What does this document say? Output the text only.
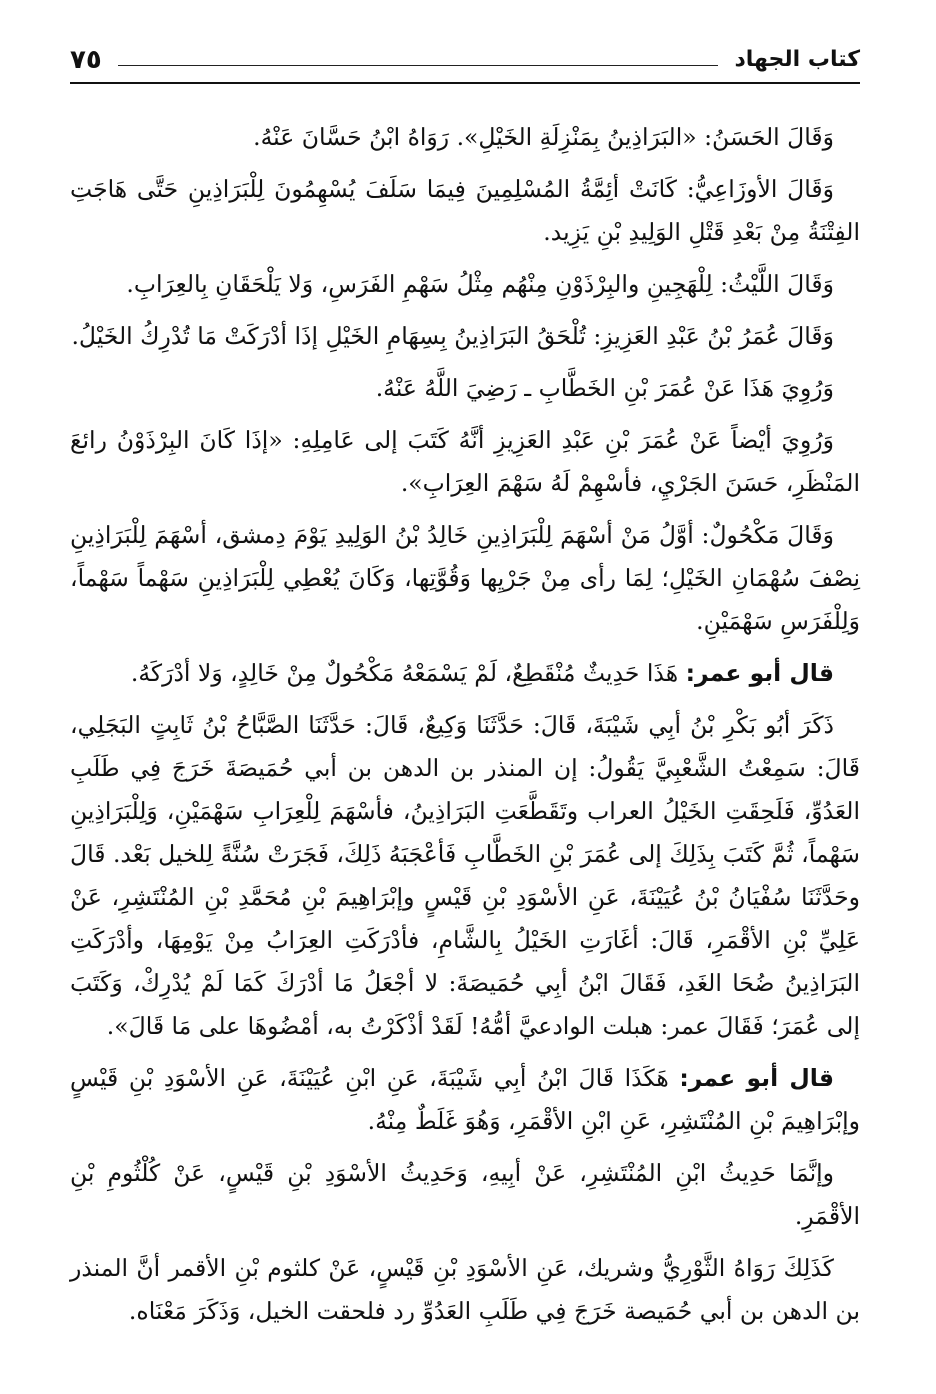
كتاب الجهاد
٧٥

وَقَالَ الحَسَنُ: «البَرَاذِينُ بِمَنْزِلَةِ الخَيْلِ». رَوَاهُ ابْنُ حَسَّانَ عَنْهُ.

وَقَالَ الأوزَاعِيُّ: كَانَتْ أئِمَّةُ المُسْلِمِينَ فِيمَا سَلَفَ يُسْهِمُونَ لِلْبَرَاذِينِ حَتَّى هَاجَتِ الفِتْنَةُ مِنْ بَعْدِ قَتْلِ الوَلِيدِ بْنِ يَزِيد.

وَقَالَ اللَّيْثُ: لِلْهَجِينِ والبِرْذَوْنِ مِنْهُم مِثْلُ سَهْمِ الفَرَسِ، وَلا يَلْحَقَانِ بِالعِرَابِ.

وَقَالَ عُمَرُ بْنُ عَبْدِ العَزِيزِ: تُلْحَقُ البَرَاذِينُ بِسِهَامِ الخَيْلِ إذَا أدْرَكَتْ مَا تُدْرِكُ الخَيْلُ.

وَرُوِيَ هَذَا عَنْ عُمَرَ بْنِ الخَطَّابِ ـ رَضِيَ اللَّهُ عَنْهُ.

وَرُوِيَ أيْضاً عَنْ عُمَرَ بْنِ عَبْدِ العَزِيزِ أنَّهُ كَتَبَ إلى عَامِلِهِ: «إذَا كَانَ البِرْذَوْنُ رائعَ المَنْظَرِ، حَسَنَ الجَرْيِ، فأسْهِمْ لَهُ سَهْمَ العِرَابِ».

وَقَالَ مَكْحُولٌ: أوَّلُ مَنْ أسْهَمَ لِلْبَرَاذِينِ خَالِدُ بْنُ الوَلِيدِ يَوْمَ دِمشق، أسْهَمَ لِلْبَرَاذِينِ نِصْفَ سُهْمَانِ الخَيْلِ؛ لِمَا رأى مِنْ جَرْيِها وَقُوَّتِها، وَكَانَ يُعْطِي لِلْبَرَاذِينِ سَهْماً سَهْماً، وَلِلْفَرَسِ سَهْمَيْنِ.

قال أبو عمر: هَذَا حَدِيثٌ مُنْقَطِعٌ، لَمْ يَسْمَعْهُ مَكْحُولٌ مِنْ خَالِدٍ، وَلا أدْرَكَهُ.

ذَكَرَ أبُو بَكْرِ بْنُ أبِي شَيْبَةَ، قَالَ: حَدَّثَنَا وَكِيعٌ، قَالَ: حَدَّثَنَا الصَّبَّاحُ بْنُ ثَابِتٍ البَجَلِي، قَالَ: سَمِعْتُ الشَّعْبِيَّ يَقُولُ: إن المنذر بن الدهن بن أبي حُمَيصَةَ خَرَجَ فِي طَلَبِ العَدُوِّ، فَلَحِقَتِ الخَيْلُ العراب وتَقَطَّعَتِ البَرَاذِينُ، فأسْهَمَ لِلْعِرَابِ سَهْمَيْنِ، وَلِلْبَرَاذِينِ سَهْماً، ثُمَّ كَتَبَ بِذَلِكَ إلى عُمَرَ بْنِ الخَطَّابِ فَأعْجَبَهُ ذَلِكَ، فَجَرَتْ سُنَّةً لِلخيل بَعْد. قَالَ وحَدَّثَنَا سُفْيَانُ بْنُ عُيَيْنَةَ، عَنِ الأسْوَدِ بْنِ قَيْسٍ وإبْرَاهِيمَ بْنِ مُحَمَّدِ بْنِ المُنْتَشِرِ، عَنْ عَلِيِّ بْنِ الأقْمَرِ، قَالَ: أغَارَتِ الخَيْلُ بِالشَّامِ، فأدْرَكَتِ العِرَابُ مِنْ يَوْمِهَا، وأدْرَكَتِ البَرَاذِينُ ضُحَا الغَدِ، فَقَالَ ابْنُ أبِي حُمَيصَةَ: لا أجْعَلُ مَا أدْرَكَ كَمَا لَمْ يُدْرِكْ، وَكَتَبَ إلى عُمَرَ؛ فَقَالَ عمر: هبلت الوادعيَّ أمُّهُ! لَقَدْ أذْكَرْتُ به، أمْضُوهَا على مَا قَالَ».

قال أبو عمر: هَكَذَا قَالَ ابْنُ أبِي شَيْبَةَ، عَنِ ابْنِ عُيَيْنَةَ، عَنِ الأسْوَدِ بْنِ قَيْسٍ وإبْرَاهِيمَ بْنِ المُنْتَشِرِ، عَنِ ابْنِ الأقْمَرِ، وَهُوَ غَلَطٌ مِنْهُ.

وإنَّمَا حَدِيثُ ابْنِ المُنْتَشِرِ، عَنْ أبِيهِ، وَحَدِيثُ الأسْوَدِ بْنِ قَيْسٍ، عَنْ كُلْثُومِ بْنِ الأقْمَرِ.

كَذَلِكَ رَوَاهُ الثَّوْرِيُّ وشريك، عَنِ الأسْوَدِ بْنِ قَيْسٍ، عَنْ كلثوم بْنِ الأقمر أنَّ المنذر بن الدهن بن أبي حُمَيصة خَرَجَ فِي طَلَبِ العَدُوِّ رد فلحقت الخيل، وَذَكَرَ مَعْنَاه.
